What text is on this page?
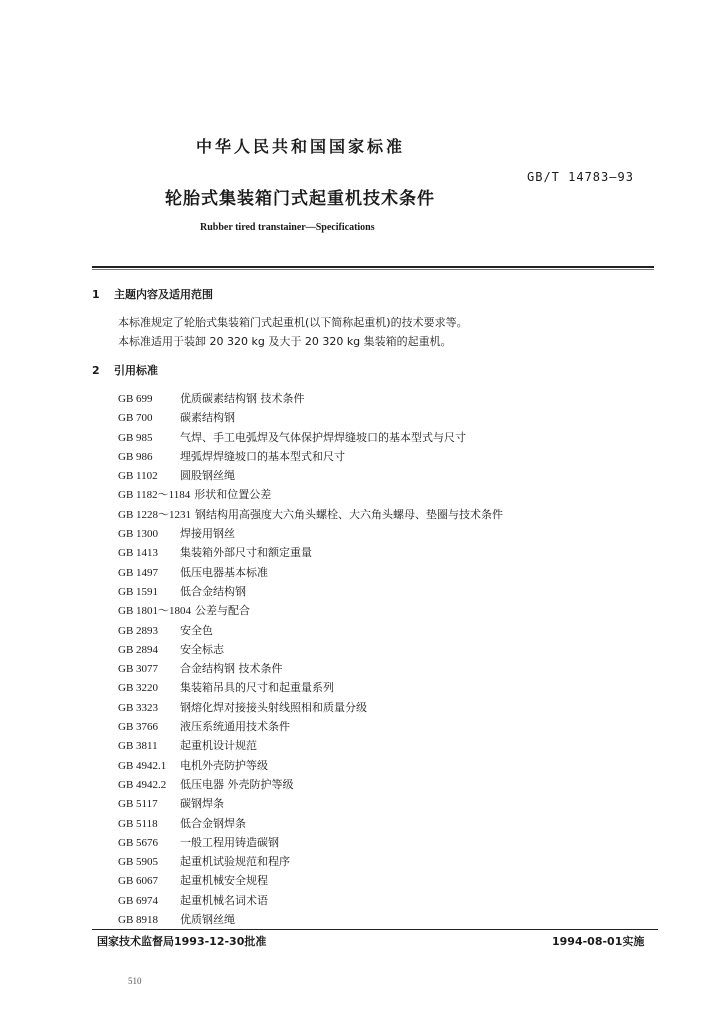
中华人民共和国国家标准
GB/T 14783—93
轮胎式集装箱门式起重机技术条件
Rubber tired transtainer—Specifications
1 主题内容及适用范围
本标准规定了轮胎式集装箱门式起重机(以下简称起重机)的技术要求等。
本标准适用于装卸 20 320 kg 及大于 20 320 kg 集装箱的起重机。
2 引用标准
GB 699 优质碳素结构钢 技术条件
GB 700 碳素结构钢
GB 985 气焊、手工电弧焊及气体保护焊焊缝坡口的基本型式与尺寸
GB 986 埋弧焊焊缝坡口的基本型式和尺寸
GB 1102 圆股钢丝绳
GB 1182～1184 形状和位置公差
GB 1228～1231 钢结构用高强度大六角头螺栓、大六角头螺母、垫圈与技术条件
GB 1300 焊接用钢丝
GB 1413 集装箱外部尺寸和额定重量
GB 1497 低压电器基本标准
GB 1591 低合金结构钢
GB 1801～1804 公差与配合
GB 2893 安全色
GB 2894 安全标志
GB 3077 合金结构钢 技术条件
GB 3220 集装箱吊具的尺寸和起重量系列
GB 3323 钢熔化焊对接接头射线照相和质量分级
GB 3766 液压系统通用技术条件
GB 3811 起重机设计规范
GB 4942.1 电机外壳防护等级
GB 4942.2 低压电器 外壳防护等级
GB 5117 碳钢焊条
GB 5118 低合金钢焊条
GB 5676 一般工程用铸造碳钢
GB 5905 起重机试验规范和程序
GB 6067 起重机械安全规程
GB 6974 起重机械名词术语
GB 8918 优质钢丝绳
国家技术监督局1993-12-30批准	1994-08-01实施
510
